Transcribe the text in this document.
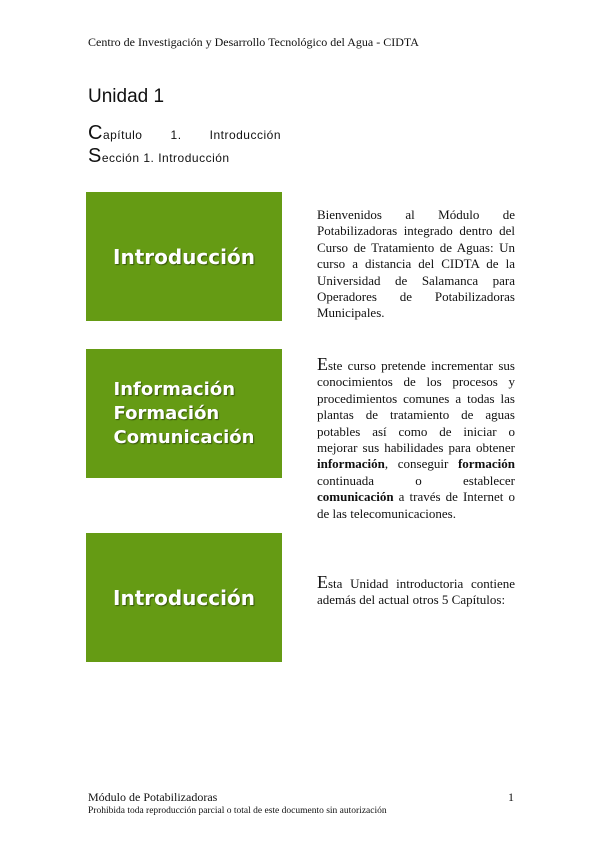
Centro de Investigación y Desarrollo Tecnológico del Agua - CIDTA
Unidad 1
Capítulo 1. Introducción
Sección 1. Introducción
Introducción
Información
Formación
Comunicación
Introducción
Bienvenidos al Módulo de Potabilizadoras integrado dentro del Curso de Tratamiento de Aguas: Un curso a distancia del CIDTA de la Universidad de Salamanca para Operadores de Potabilizadoras Municipales.
Este curso pretende incrementar sus conocimientos de los procesos y procedimientos comunes a todas las plantas de tratamiento de aguas potables así como de iniciar o mejorar sus habilidades para obtener información, conseguir formación continuada o establecer comunicación a través de Internet o de las telecomunicaciones.
Esta Unidad introductoria contiene además del actual otros 5 Capítulos:
Módulo de Potabilizadoras	1
Prohibida toda reproducción parcial o total de este documento sin autorización
